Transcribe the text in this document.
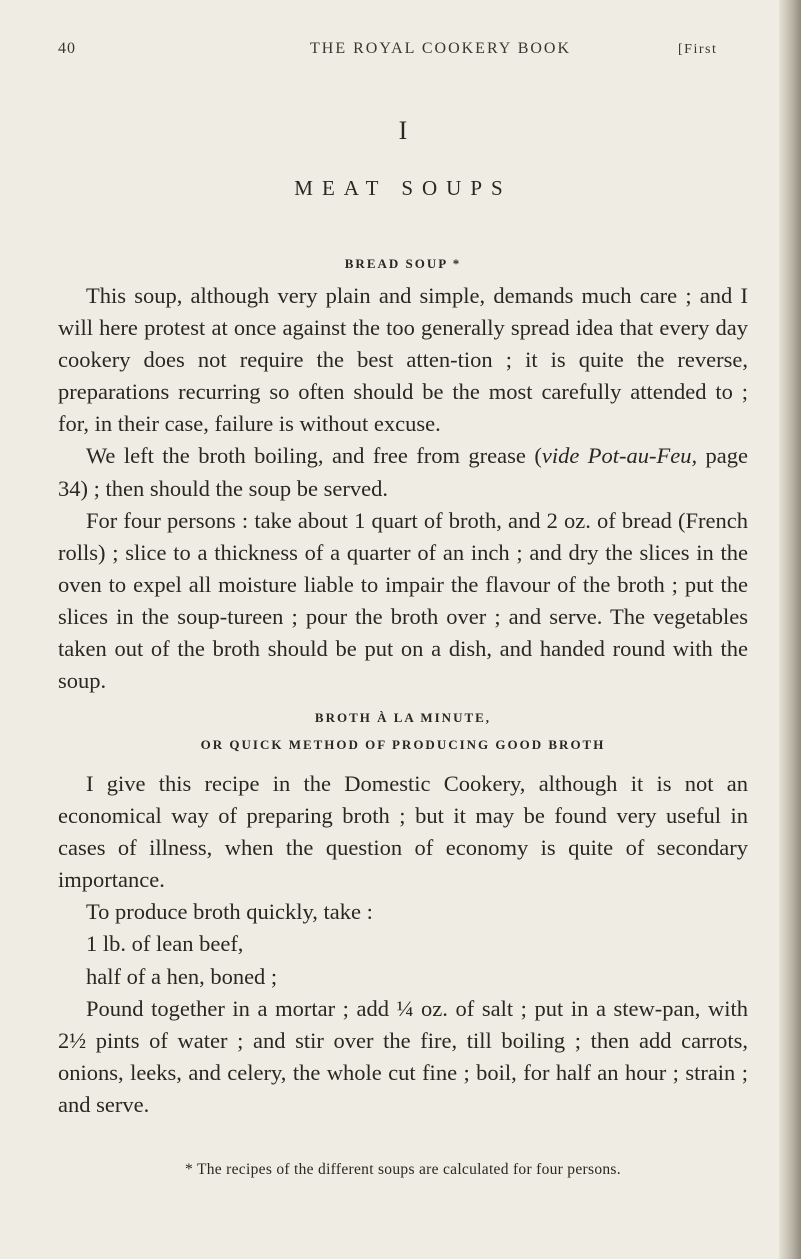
40	THE ROYAL COOKERY BOOK	[First
I
MEAT SOUPS
BREAD SOUP *

This soup, although very plain and simple, demands much care ; and I will here protest at once against the too generally spread idea that every day cookery does not require the best atten-tion ; it is quite the reverse, preparations recurring so often should be the most carefully attended to ; for, in their case, failure is without excuse.

We left the broth boiling, and free from grease (vide Pot-au-Feu, page 34) ; then should the soup be served.

For four persons : take about 1 quart of broth, and 2 oz. of bread (French rolls) ; slice to a thickness of a quarter of an inch ; and dry the slices in the oven to expel all moisture liable to impair the flavour of the broth ; put the slices in the soup-tureen ; pour the broth over ; and serve. The vegetables taken out of the broth should be put on a dish, and handed round with the soup.

BROTH À LA MINUTE,
OR QUICK METHOD OF PRODUCING GOOD BROTH

I give this recipe in the Domestic Cookery, although it is not an economical way of preparing broth ; but it may be found very useful in cases of illness, when the question of economy is quite of secondary importance.

To produce broth quickly, take :

1 lb. of lean beef,
half of a hen, boned ;

Pound together in a mortar ; add ¼ oz. of salt ; put in a stew-pan, with 2½ pints of water ; and stir over the fire, till boiling ; then add carrots, onions, leeks, and celery, the whole cut fine ; boil, for half an hour ; strain ; and serve.

* The recipes of the different soups are calculated for four persons.
